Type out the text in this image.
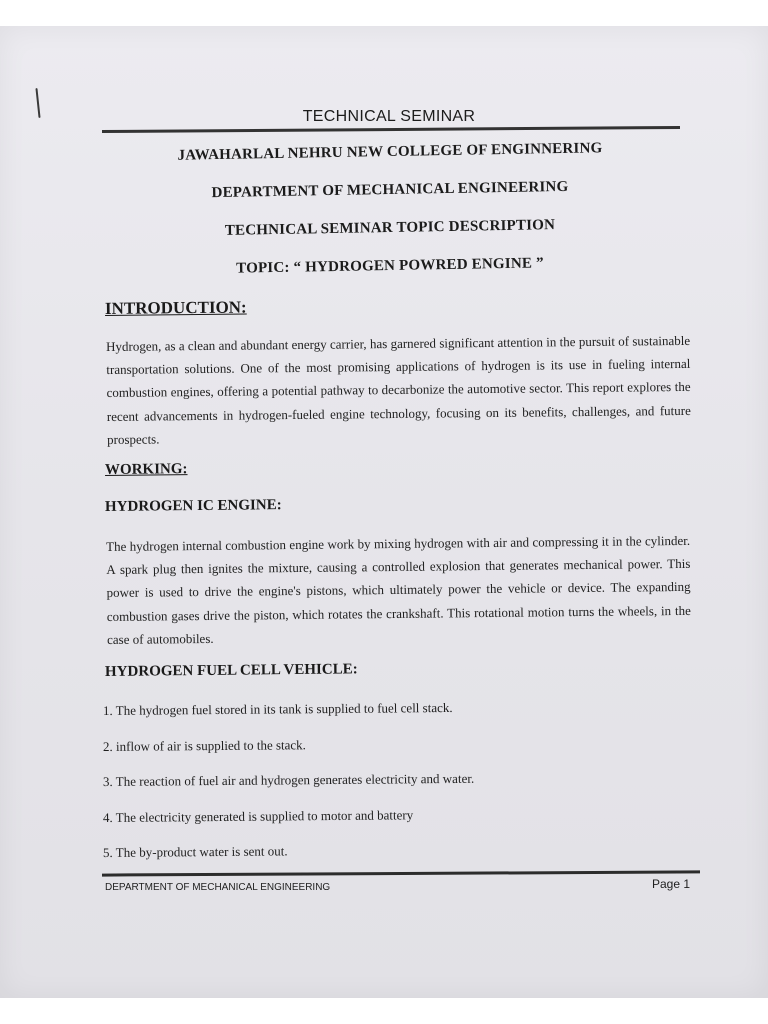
TECHNICAL SEMINAR
JAWAHARLAL NEHRU NEW COLLEGE OF ENGINNERING
DEPARTMENT OF MECHANICAL ENGINEERING
TECHNICAL SEMINAR TOPIC DESCRIPTION
TOPIC: “ HYDROGEN POWRED ENGINE ”
INTRODUCTION:
Hydrogen, as a clean and abundant energy carrier, has garnered significant attention in the pursuit of sustainable transportation solutions. One of the most promising applications of hydrogen is its use in fueling internal combustion engines, offering a potential pathway to decarbonize the automotive sector. This report explores the recent advancements in hydrogen-fueled engine technology, focusing on its benefits, challenges, and future prospects.
WORKING:
HYDROGEN IC ENGINE:
The hydrogen internal combustion engine work by mixing hydrogen with air and compressing it in the cylinder. A spark plug then ignites the mixture, causing a controlled explosion that generates mechanical power. This power is used to drive the engine's pistons, which ultimately power the vehicle or device. The expanding combustion gases drive the piston, which rotates the crankshaft. This rotational motion turns the wheels, in the case of automobiles.
HYDROGEN FUEL CELL VEHICLE:
1. The hydrogen fuel stored in its tank is supplied to fuel cell stack.
2. inflow of air is supplied to the stack.
3. The reaction of fuel air and hydrogen generates electricity and water.
4. The electricity generated is supplied to motor and battery
5. The by-product water is sent out.
DEPARTMENT OF MECHANICAL ENGINEERING	Page 1
